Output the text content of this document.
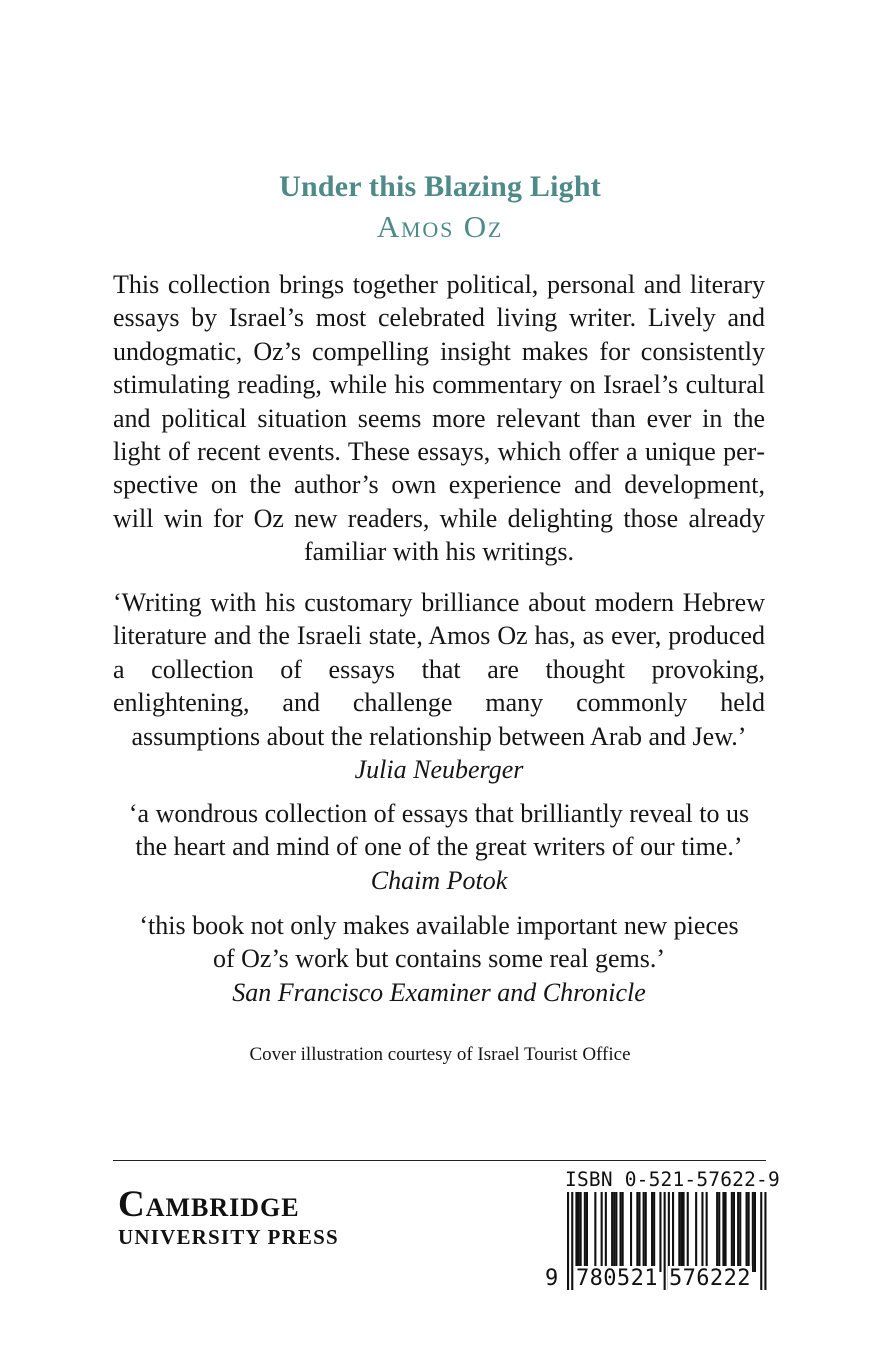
Under this Blazing Light
Amos Oz

This collection brings together political, personal and literary essays by Israel’s most celebrated living writer. Lively and undogmatic, Oz’s compelling insight makes for consistently stimulating reading, while his commentary on Israel’s cultural and political situation seems more relevant than ever in the light of recent events. These essays, which offer a unique perspective on the author’s own experience and development, will win for Oz new readers, while delighting those already familiar with his writings.

‘Writing with his customary brilliance about modern Hebrew literature and the Israeli state, Amos Oz has, as ever, produced a collection of essays that are thought provoking, enlightening, and challenge many commonly held assumptions about the relationship between Arab and Jew.’
Julia Neuberger
‘a wondrous collection of essays that brilliantly reveal to us the heart and mind of one of the great writers of our time.’
Chaim Potok
‘this book not only makes available important new pieces of Oz’s work but contains some real gems.’
San Francisco Examiner and Chronicle
Cover illustration courtesy of Israel Tourist Office
Cambridge
UNIVERSITY PRESS
ISBN 0-521-57622-9
9 780521 576222
